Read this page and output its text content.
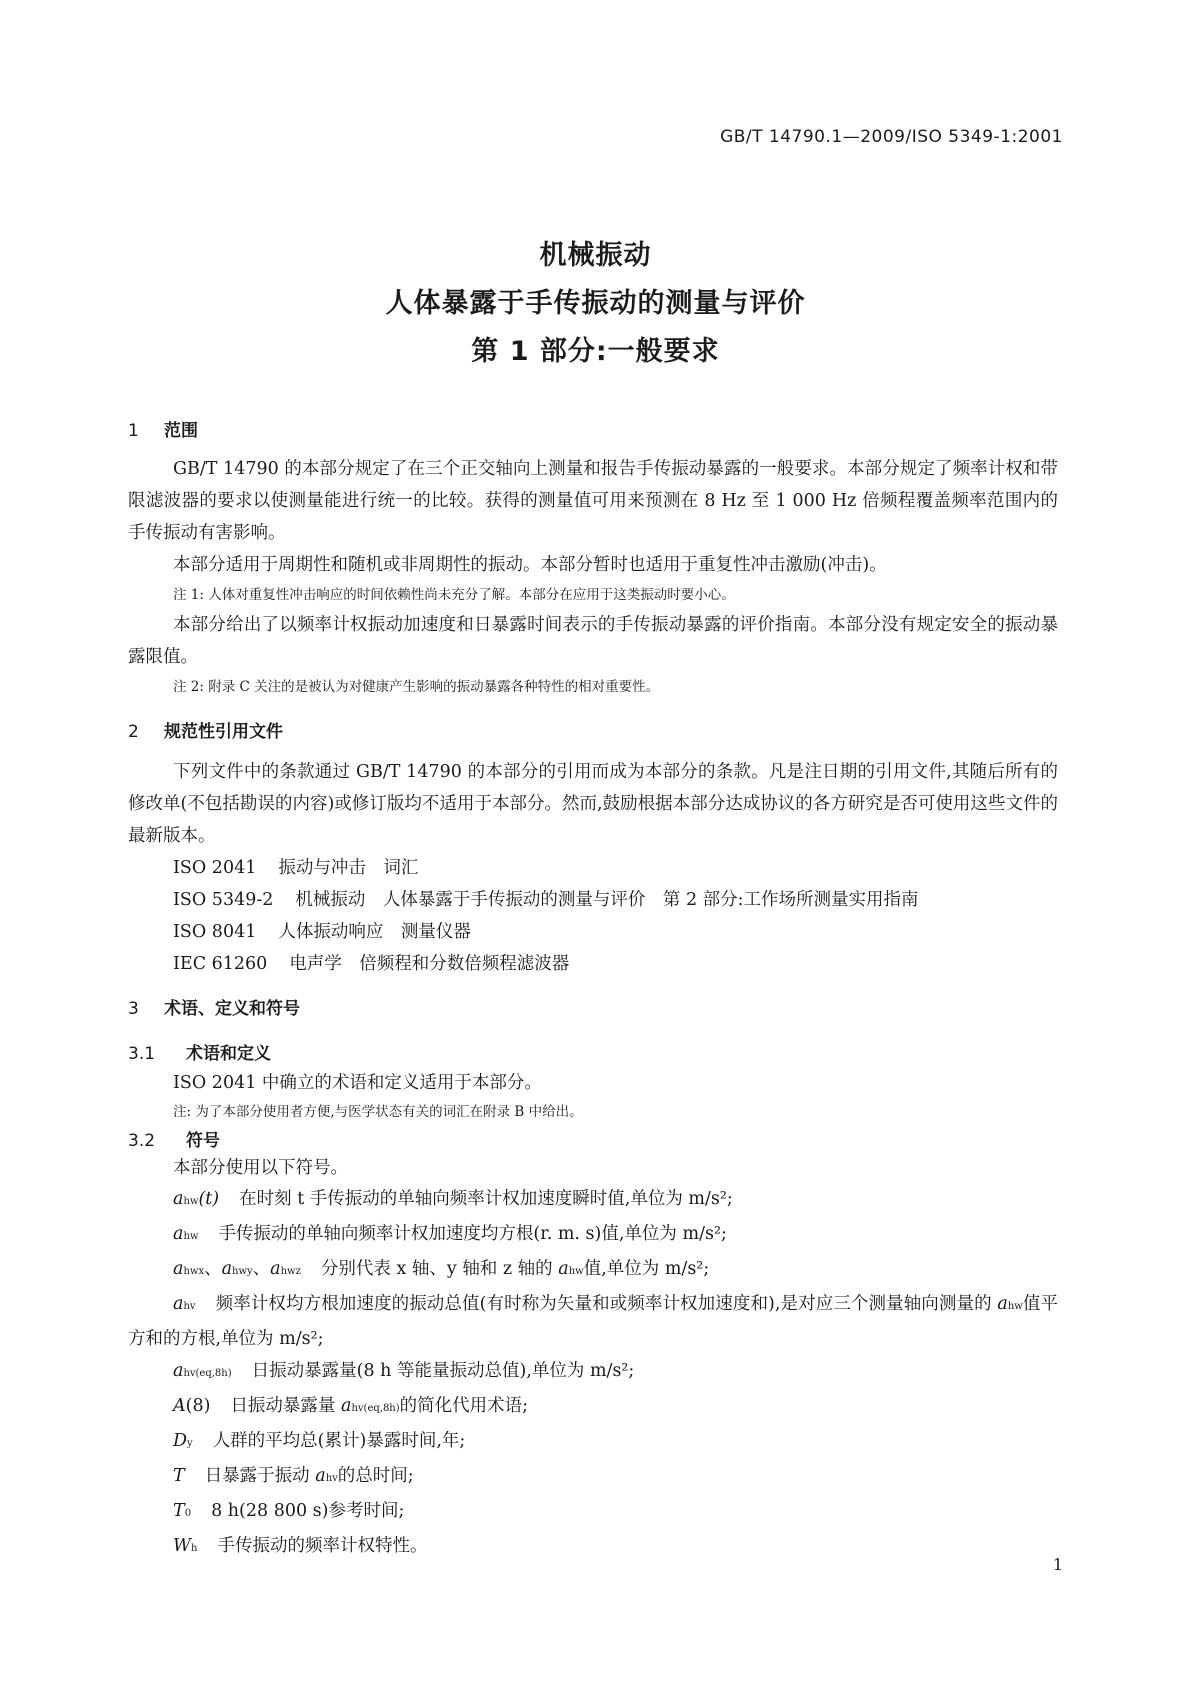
GB/T 14790.1—2009/ISO 5349-1:2001
机械振动
人体暴露于手传振动的测量与评价
第 1 部分:一般要求
1 范围

GB/T 14790 的本部分规定了在三个正交轴向上测量和报告手传振动暴露的一般要求。本部分规定了频率计权和带限滤波器的要求以使测量能进行统一的比较。获得的测量值可用来预测在 8 Hz 至 1 000 Hz 倍频程覆盖频率范围内的手传振动有害影响。

本部分适用于周期性和随机或非周期性的振动。本部分暂时也适用于重复性冲击激励(冲击)。

注 1: 人体对重复性冲击响应的时间依赖性尚未充分了解。本部分在应用于这类振动时要小心。

本部分给出了以频率计权振动加速度和日暴露时间表示的手传振动暴露的评价指南。本部分没有规定安全的振动暴露限值。

注 2: 附录 C 关注的是被认为对健康产生影响的振动暴露各种特性的相对重要性。

2 规范性引用文件

下列文件中的条款通过 GB/T 14790 的本部分的引用而成为本部分的条款。凡是注日期的引用文件,其随后所有的修改单(不包括勘误的内容)或修订版均不适用于本部分。然而,鼓励根据本部分达成协议的各方研究是否可使用这些文件的最新版本。

ISO 2041 振动与冲击　词汇

ISO 5349-2 机械振动　人体暴露于手传振动的测量与评价　第 2 部分:工作场所测量实用指南

ISO 8041 人体振动响应　测量仪器

IEC 61260 电声学　倍频程和分数倍频程滤波器

3 术语、定义和符号
3.1 术语和定义

ISO 2041 中确立的术语和定义适用于本部分。

注: 为了本部分使用者方便,与医学状态有关的词汇在附录 B 中给出。

3.2 符号

本部分使用以下符号。

ahw(t) 在时刻 t 手传振动的单轴向频率计权加速度瞬时值,单位为 m/s²;

ahw 手传振动的单轴向频率计权加速度均方根(r. m. s)值,单位为 m/s²;

ahwx、ahwy、ahwz 分别代表 x 轴、y 轴和 z 轴的 ahw值,单位为 m/s²;

ahv 频率计权均方根加速度的振动总值(有时称为矢量和或频率计权加速度和),是对应三个测量轴向测量的 ahw值平方和的方根,单位为 m/s²;

ahv(eq,8h) 日振动暴露量(8 h 等能量振动总值),单位为 m/s²;

A(8) 日振动暴露量 ahv(eq,8h)的简化代用术语;

Dy 人群的平均总(累计)暴露时间,年;

T 日暴露于振动 ahv的总时间;

T0 8 h(28 800 s)参考时间;

Wh 手传振动的频率计权特性。

1
